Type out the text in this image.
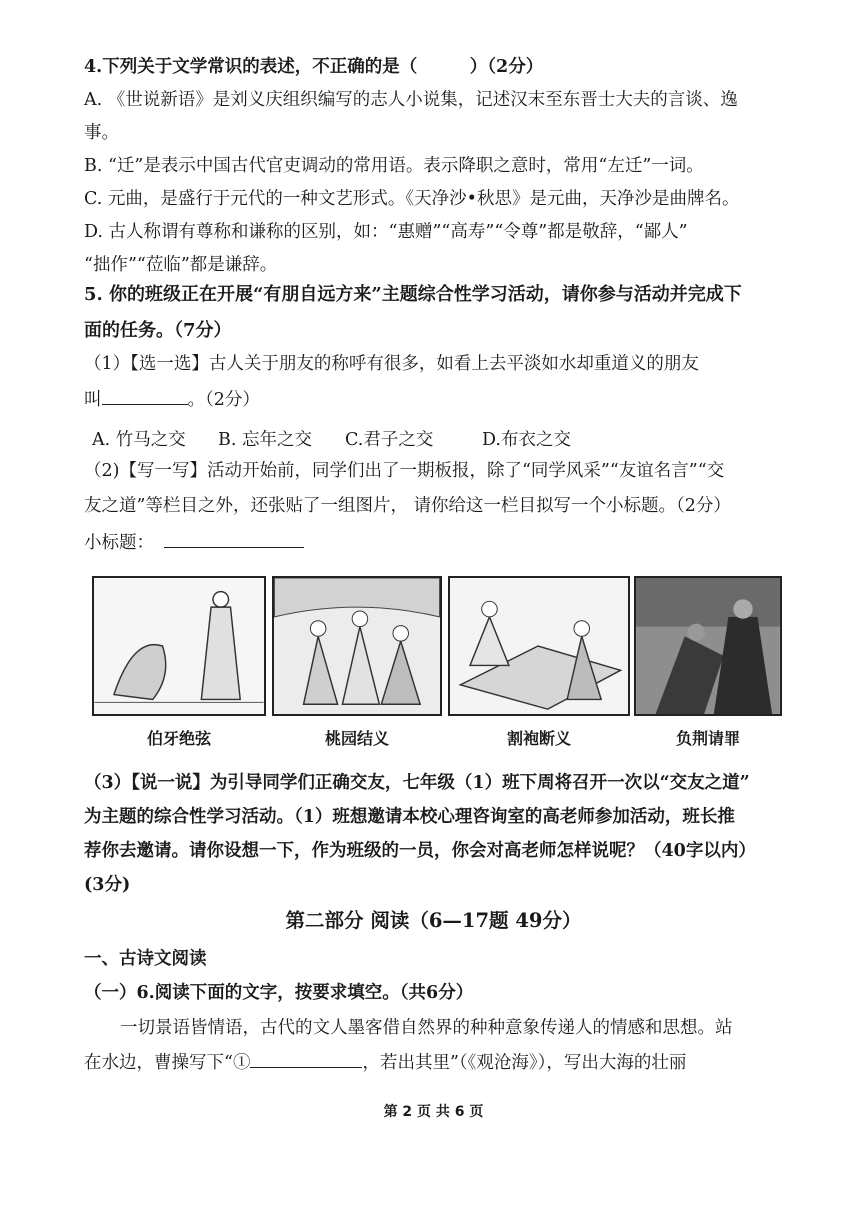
4.下列关于文学常识的表述，不正确的是（　　　）（2分）
A. 《世说新语》是刘义庆组织编写的志人小说集，记述汉末至东晋士大夫的言谈、逸
事。
B. “迁”是表示中国古代官吏调动的常用语。表示降职之意时，常用“左迁”一词。
C. 元曲，是盛行于元代的一种文艺形式。《天净沙•秋思》是元曲，天净沙是曲牌名。
D. 古人称谓有尊称和谦称的区别，如：“惠赠”“高寿”“令尊”都是敬辞，“鄙人”
“拙作”“莅临”都是谦辞。
5. 你的班级正在开展“有朋自远方来”主题综合性学习活动，请你参与活动并完成下
面的任务。（7分）
（1）【选一选】古人关于朋友的称呼有很多，如看上去平淡如水却重道义的朋友
叫	。（2分）
A. 竹马之交 B. 忘年之交 C.君子之交	D.布衣之交
（2)【写一写】活动开始前，同学们出了一期板报，除了“同学风采”“友谊名言”“交
友之道”等栏目之外，还张贴了一组图片， 请你给这一栏目拟写一个小标题。（2分）
小标题：
伯牙绝弦	桃园结义	割袍断义	负荆请罪
（3）【说一说】为引导同学们正确交友，七年级（1）班下周将召开一次以“交友之道”
为主题的综合性学习活动。（1）班想邀请本校心理咨询室的高老师参加活动，班长推
荐你去邀请。请你设想一下，作为班级的一员，你会对高老师怎样说呢？（40字以内）
(3分)
第二部分 阅读（6—17题 49分）
一、古诗文阅读
（一）6.阅读下面的文字，按要求填空。（共6分）
一切景语皆情语，古代的文人墨客借自然界的种种意象传递人的情感和思想。站
在水边，曹操写下“①	，若出其里”（《观沧海》），写出大海的壮丽
第 2 页 共 6 页
